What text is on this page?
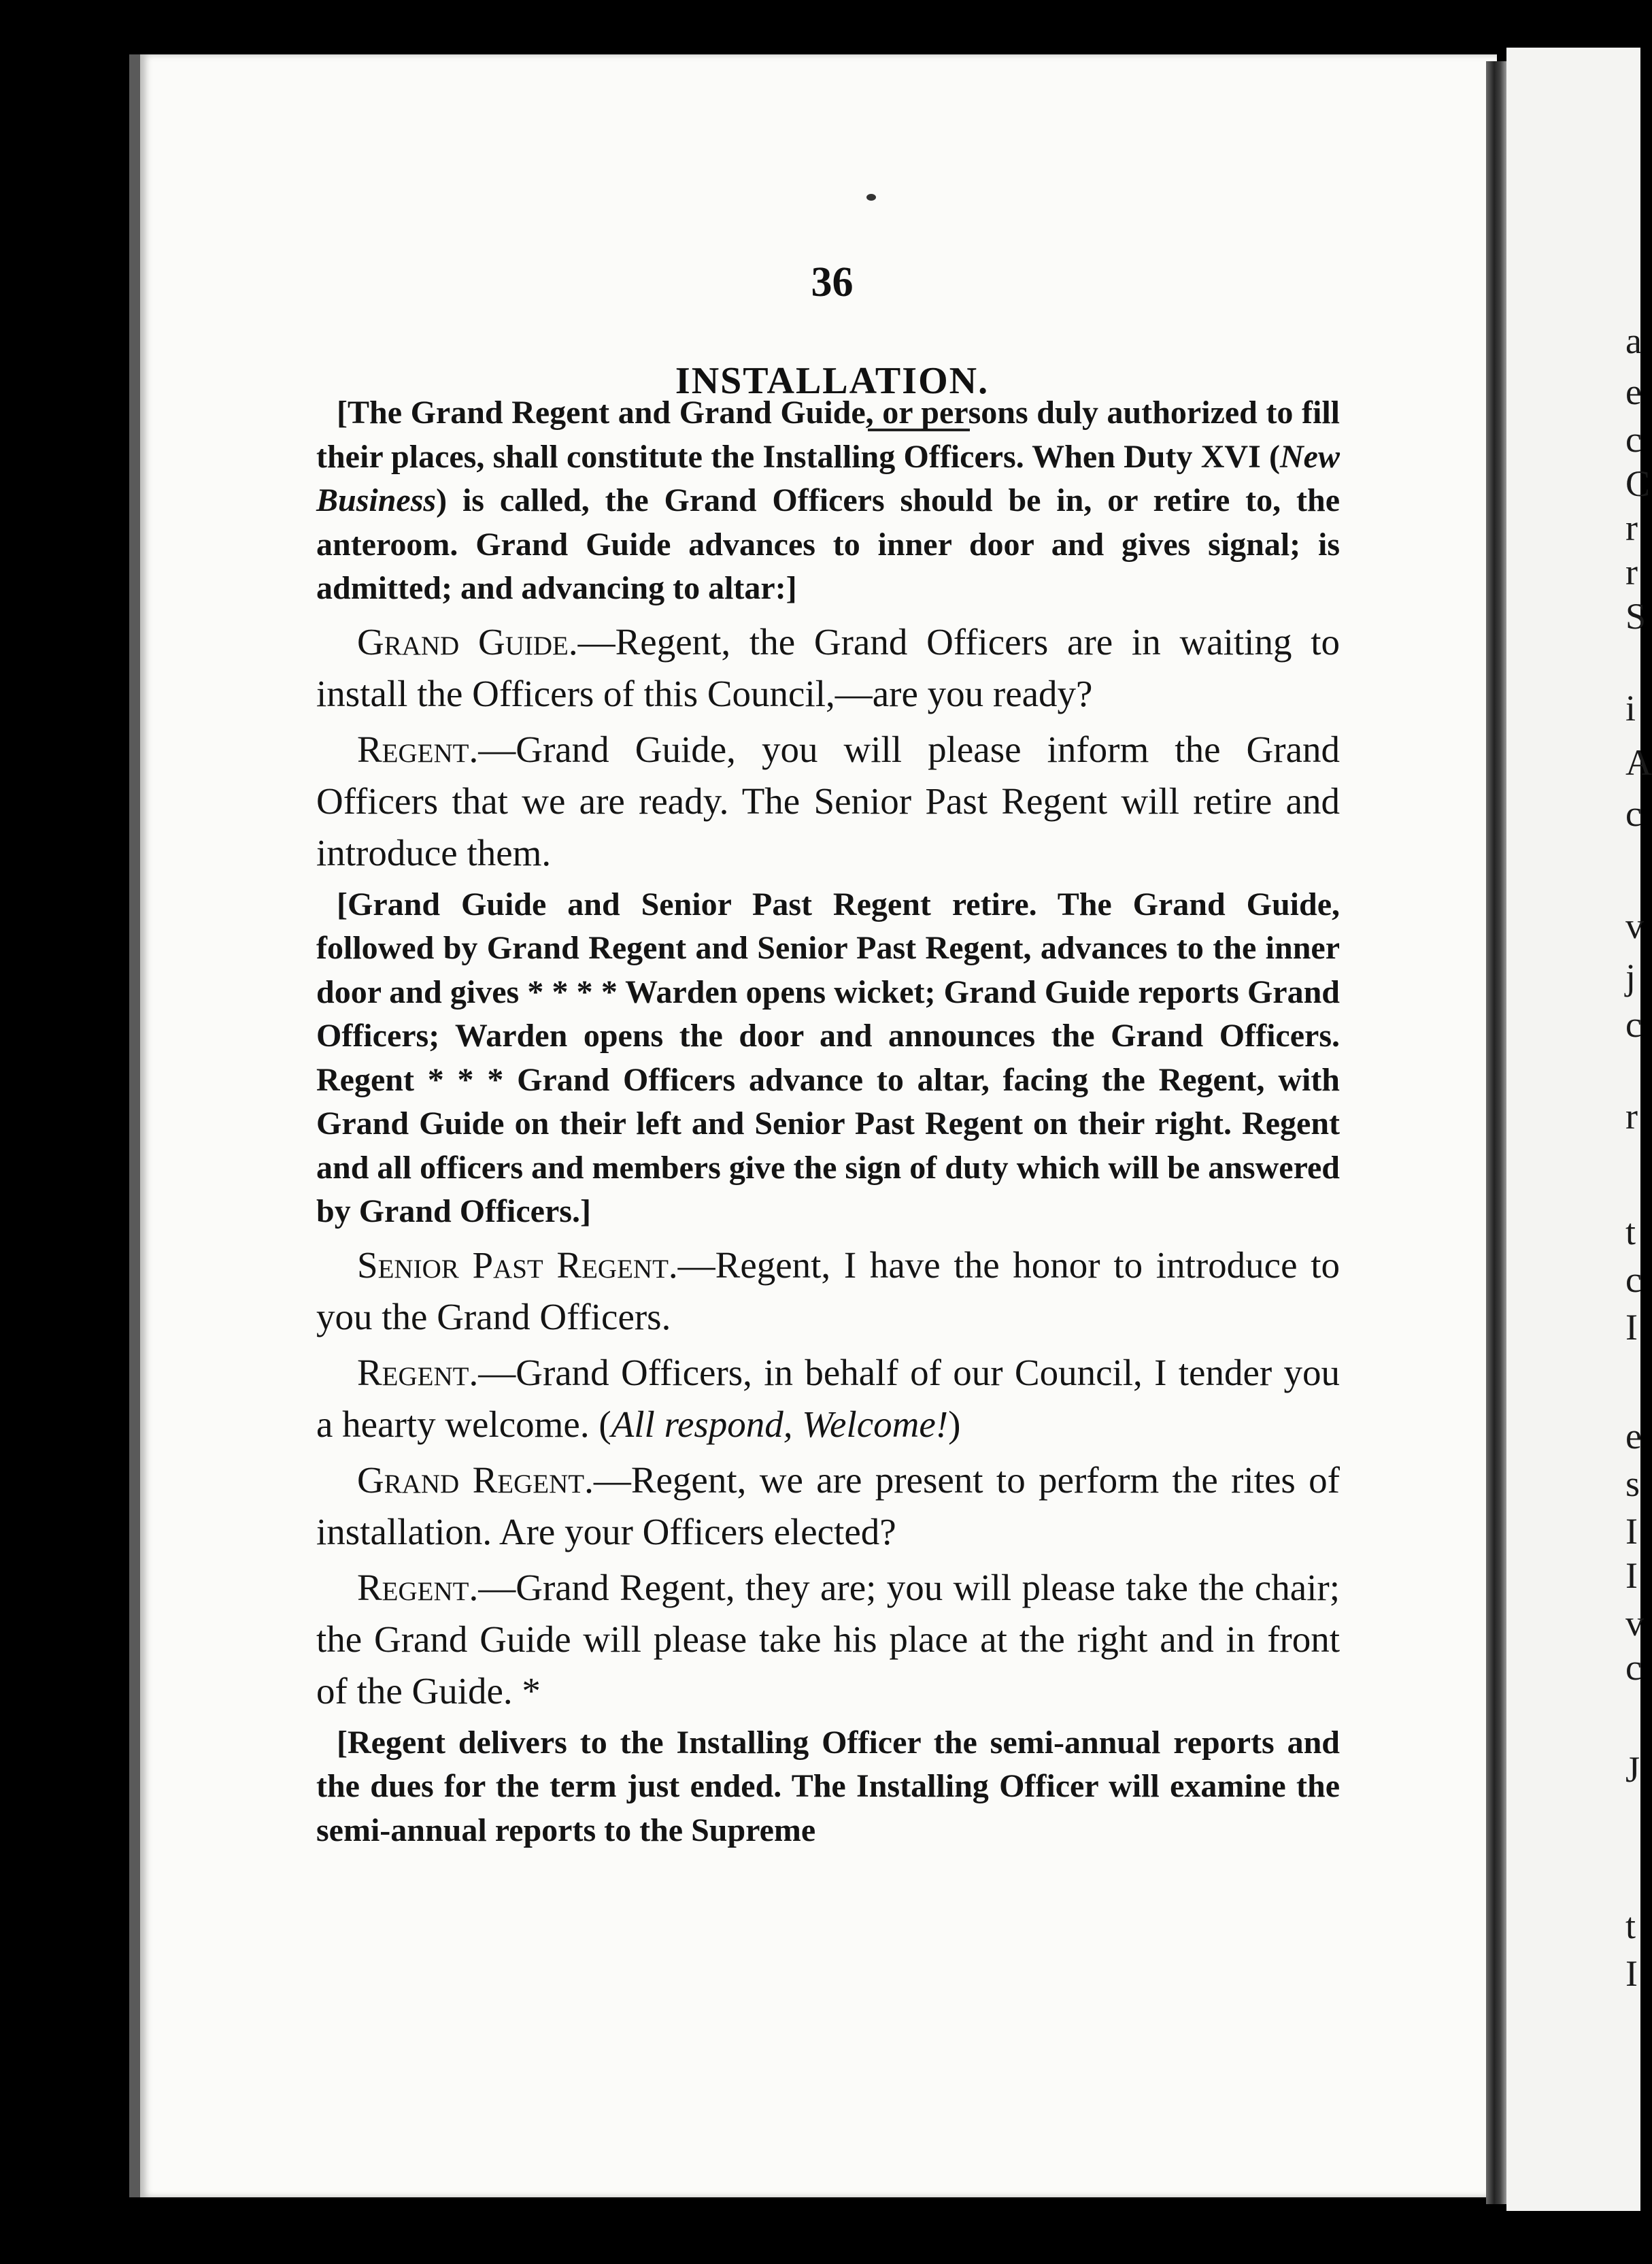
36
INSTALLATION.

[The Grand Regent and Grand Guide, or persons duly authorized to fill their places, shall constitute the Installing Officers. When Duty XVI (New Business) is called, the Grand Officers should be in, or retire to, the anteroom. Grand Guide advances to inner door and gives signal; is admitted; and advancing to altar:]

Grand Guide.—Regent, the Grand Officers are in waiting to install the Officers of this Council,—are you ready?

Regent.—Grand Guide, you will please inform the Grand Officers that we are ready. The Senior Past Regent will retire and introduce them.

[Grand Guide and Senior Past Regent retire. The Grand Guide, followed by Grand Regent and Senior Past Regent, advances to the inner door and gives * * * * Warden opens wicket; Grand Guide reports Grand Officers; Warden opens the door and announces the Grand Officers. Regent * * * Grand Officers advance to altar, facing the Regent, with Grand Guide on their left and Senior Past Regent on their right. Regent and all officers and members give the sign of duty which will be answered by Grand Officers.]

Senior Past Regent.—Regent, I have the honor to introduce to you the Grand Officers.

Regent.—Grand Officers, in behalf of our Council, I tender you a hearty welcome. (All respond, Welcome!)

Grand Regent.—Regent, we are present to perform the rites of installation. Are your Officers elected?

Regent.—Grand Regent, they are; you will please take the chair; the Grand Guide will please take his place at the right and in front of the Guide. *

[Regent delivers to the Installing Officer the semi-annual reports and the dues for the term just ended. The Installing Officer will examine the semi-annual reports to the Supreme

a
e
c
C
r
r
S
i
A
c
v
j
c
r
t
c
I
e
s
I
I
v
c
J
t
I
